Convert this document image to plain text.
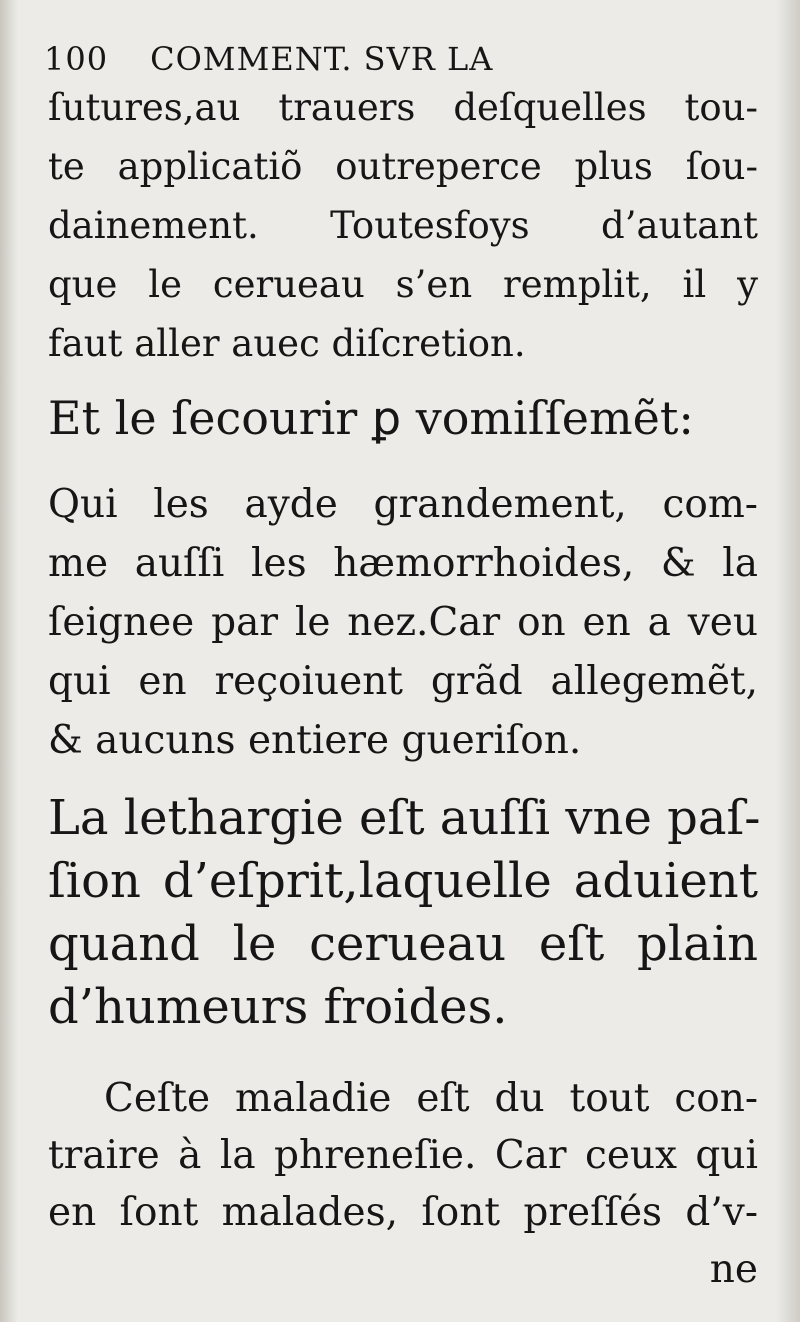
100 COMMENT. SVR LA
ſutures,au trauers deſquelles tou-
te applicatiõ outreperce plus ſou-
dainement. Toutesfoys d’autant
que le cerueau s’en remplit, il y
faut aller auec diſcretion.
Et le ſecourir ꝑ vomiſſemẽt:
Qui les ayde grandement, com-
me auſſi les hæmorrhoides, & la
ſeignee par le nez.Car on en a veu
qui en reçoiuent grãd allegemẽt,
& aucuns entiere gueriſon.
La lethargie eſt auſſi vne paſ-
ſion d’eſprit,laquelle aduient
quand le cerueau eſt plain
d’humeurs froides.
Ceſte maladie eſt du tout con-
traire à la phreneſie. Car ceux qui
en ſont malades, ſont preſſés d’v-
ne
